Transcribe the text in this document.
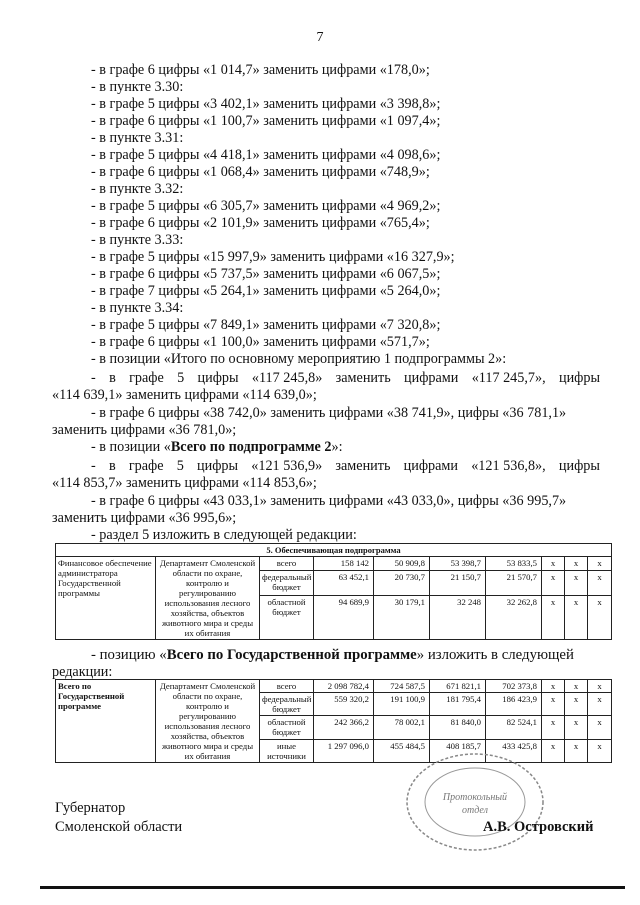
7
- в графе 6 цифры «1 014,7» заменить цифрами «178,0»;
- в пункте 3.30:
- в графе 5 цифры «3 402,1» заменить цифрами «3 398,8»;
- в графе 6 цифры «1 100,7» заменить цифрами «1 097,4»;
- в пункте 3.31:
- в графе 5 цифры «4 418,1» заменить цифрами «4 098,6»;
- в графе 6 цифры «1 068,4» заменить цифрами «748,9»;
- в пункте 3.32:
- в графе 5 цифры «6 305,7» заменить цифрами «4 969,2»;
- в графе 6 цифры «2 101,9» заменить цифрами «765,4»;
- в пункте 3.33:
- в графе 5 цифры «15 997,9» заменить цифрами «16 327,9»;
- в графе 6 цифры «5 737,5» заменить цифрами «6 067,5»;
- в графе 7 цифры «5 264,1» заменить цифрами «5 264,0»;
- в пункте 3.34:
- в графе 5 цифры «7 849,1» заменить цифрами «7 320,8»;
- в графе 6 цифры «1 100,0» заменить цифрами «571,7»;
- в позиции «Итого по основному мероприятию 1 подпрограммы 2»:
- в графе 5 цифры «117 245,8» заменить цифрами «117 245,7», цифры
«114 639,1» заменить цифрами «114 639,0»;
- в графе 6 цифры «38 742,0» заменить цифрами «38 741,9», цифры «36 781,1»
заменить цифрами «36 781,0»;
- в позиции «Всего по подпрограмме 2»:
- в графе 5 цифры «121 536,9» заменить цифрами «121 536,8», цифры
«114 853,7» заменить цифрами «114 853,6»;
- в графе 6 цифры «43 033,1» заменить цифрами «43 033,0», цифры «36 995,7»
заменить цифрами «36 995,6»;
- раздел 5 изложить в следующей редакции:
- позицию «Всего по Государственной программе» изложить в следующей
редакции:
5. Обеспечивающая подпрограмма									
Финансовое обеспечение администратора Государственной программы	Департамент Смоленской области по охране, контролю и регулированию использования лесного хозяйства, объектов животного мира и среды их обитания	всего	158 142	50 909,8	53 398,7	53 833,5	x	x	x
		федеральный бюджет	63 452,1	20 730,7	21 150,7	21 570,7	x	x	x
		областной бюджет	94 689,9	30 179,1	32 248	32 262,8	x	x	x
Всего по Государственной программе	Департамент Смоленской области по охране, контролю и регулированию использования лесного хозяйства, объектов животного мира и среды их обитания	всего	2 098 782,4	724 587,5	671 821,1	702 373,8	x	x	x
		федеральный бюджет	559 320,2	191 100,9	181 795,4	186 423,9	x	x	x
		областной бюджет	242 366,2	78 002,1	81 840,0	82 524,1	x	x	x
		иные источники	1 297 096,0	455 484,5	408 185,7	433 425,8	x	x	x
Губернатор
Смоленской области
Протокольный
отдел
А.В. Островский
